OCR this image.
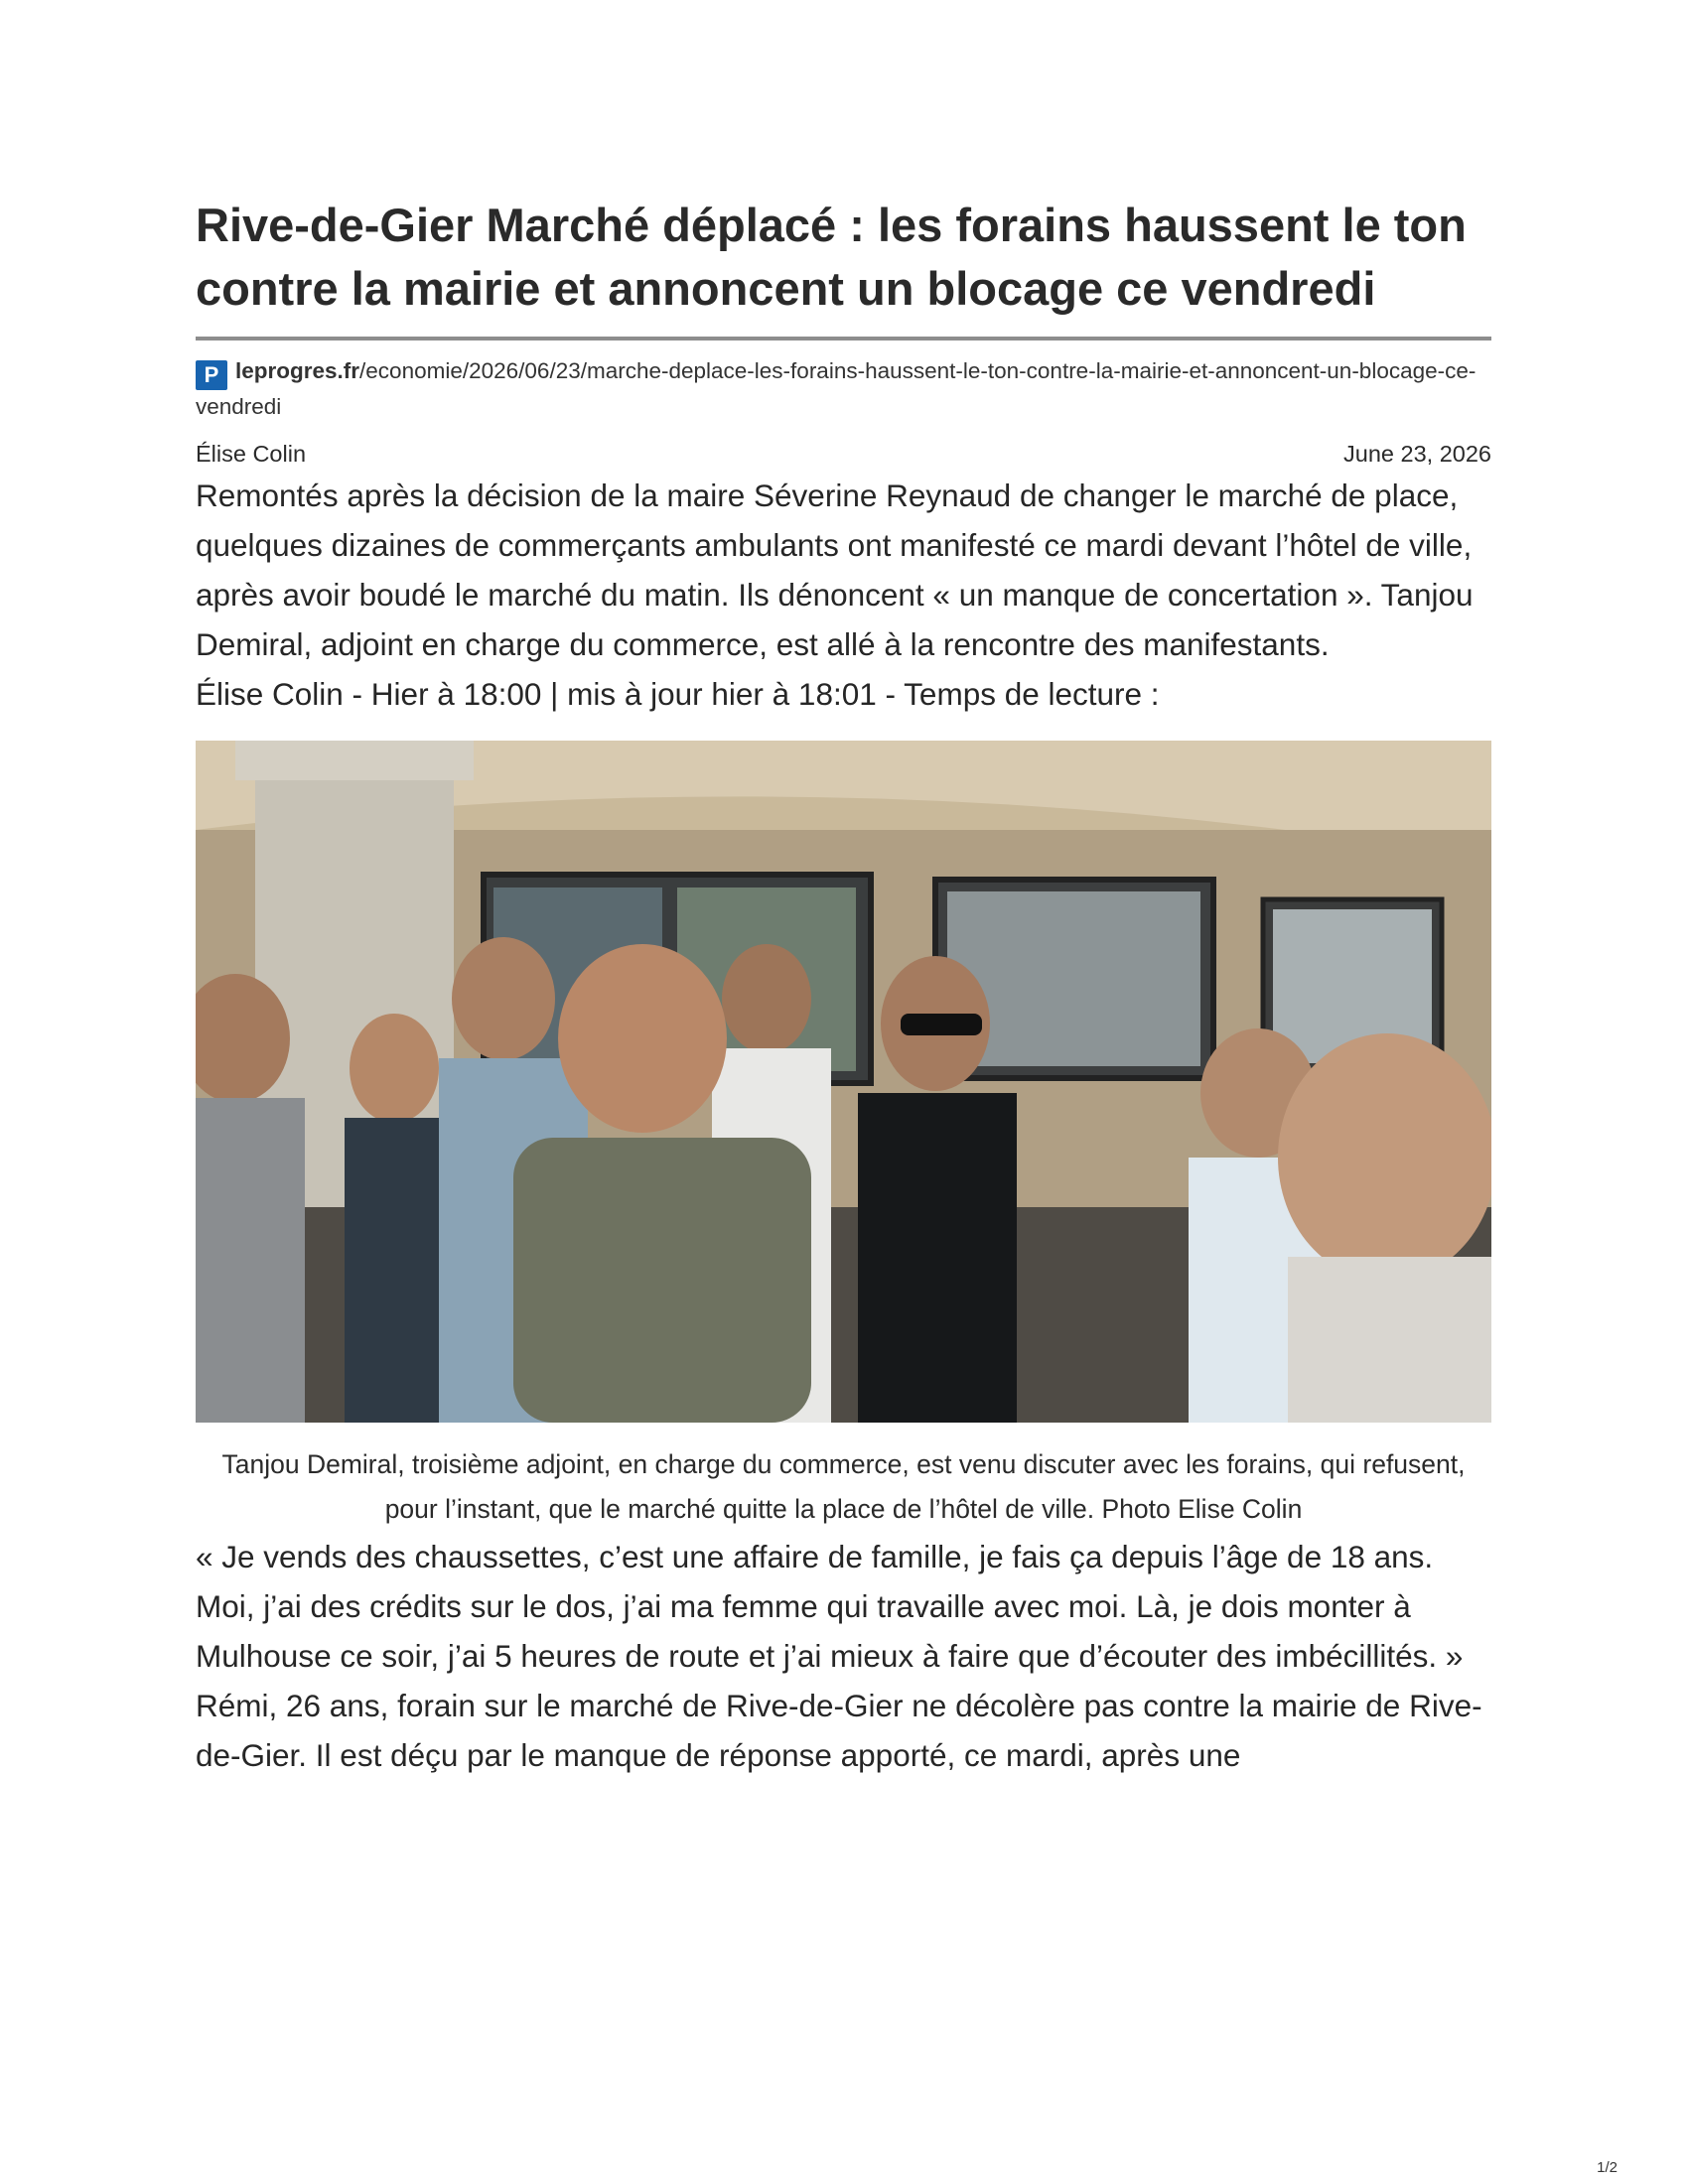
Rive-de-Gier Marché déplacé : les forains haussent le ton contre la mairie et annoncent un blocage ce vendredi
P leprogres.fr/economie/2026/06/23/marche-deplace-les-forains-haussent-le-ton-contre-la-mairie-et-annoncent-un-blocage-ce-vendredi
Élise Colin	June 23, 2026

Remontés après la décision de la maire Séverine Reynaud de changer le marché de place, quelques dizaines de commerçants ambulants ont manifesté ce mardi devant l’hôtel de ville, après avoir boudé le marché du matin. Ils dénoncent « un manque de concertation ». Tanjou Demiral, adjoint en charge du commerce, est allé à la rencontre des manifestants.

Élise Colin - Hier à 18:00 | mis à jour hier à 18:01 - Temps de lecture :

Tanjou Demiral, troisième adjoint, en charge du commerce, est venu discuter avec les forains, qui refusent, pour l’instant, que le marché quitte la place de l’hôtel de ville. Photo Elise Colin

« Je vends des chaussettes, c’est une affaire de famille, je fais ça depuis l’âge de 18 ans. Moi, j’ai des crédits sur le dos, j’ai ma femme qui travaille avec moi. Là, je dois monter à Mulhouse ce soir, j’ai 5 heures de route et j’ai mieux à faire que d’écouter des imbécillités. »

Rémi, 26 ans, forain sur le marché de Rive-de-Gier ne décolère pas contre la mairie de Rive-de-Gier. Il est déçu par le manque de réponse apporté, ce mardi, après une

1/2
